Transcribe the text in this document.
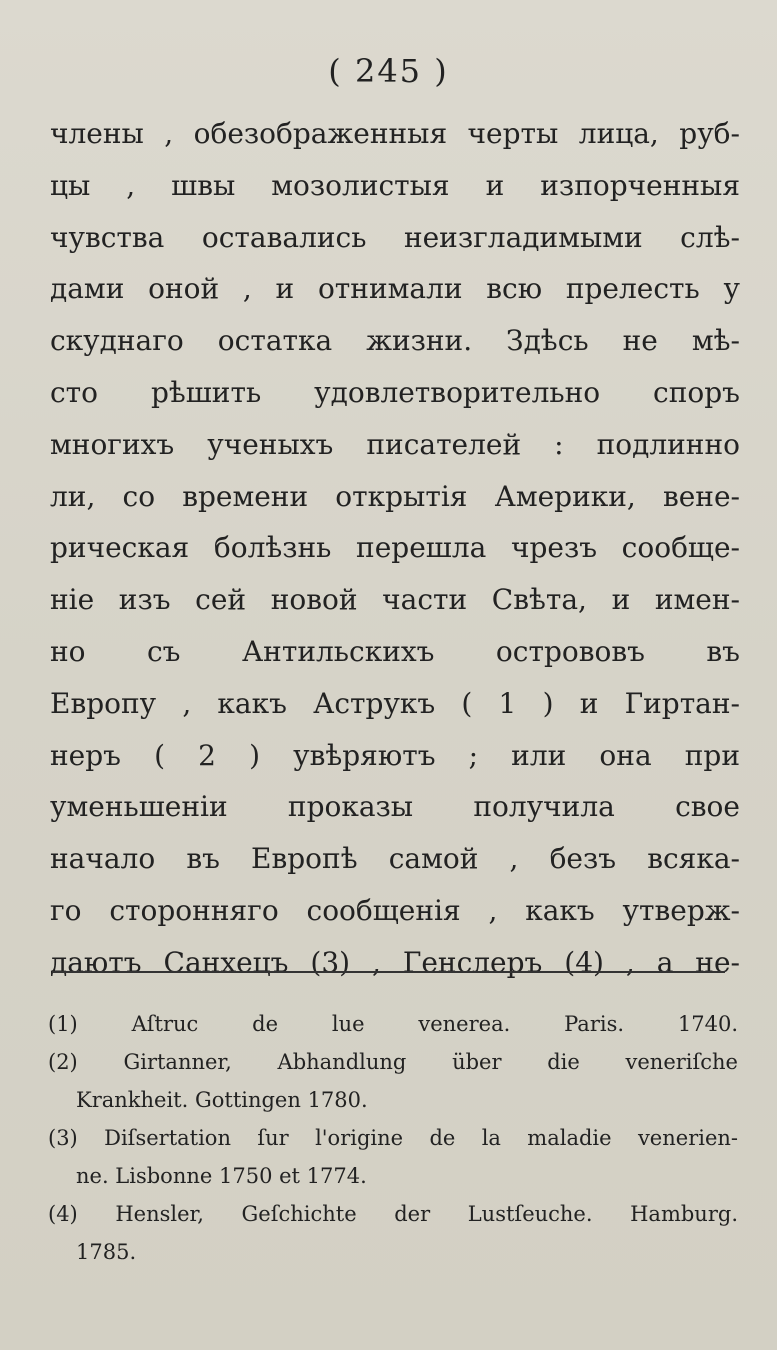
( 245 )
члены , обезображенныя черты лица, руб-
цы , швы мозолистыя и изпорченныя
чувства оставались неизгладимыми слѣ-
дами оной , и отнимали всю прелесть у
скуднаго остатка жизни. Здѣсь не мѣ-
сто рѣшить удовлетворительно споръ
многихъ ученыхъ писателей : подлинно
ли, со времени открытія Америки, вене-
рическая болѣзнь перешла чрезъ сообще-
ніе изъ сей новой части Свѣта, и имен-
но съ Антильскихъ острововъ въ
Европу , какъ Аструкъ ( 1 ) и Гиртан-
неръ ( 2 ) увѣряютъ ; или она при
уменьшеніи проказы получила свое
начало въ Европѣ самой , безъ всяка-
го сторонняго сообщенія , какъ утверж-
даютъ Санхецъ (3) , Генслеръ (4) , а не-
(1) Aſtruc de lue venerea. Paris. 1740.
(2) Girtanner, Abhandlung über die veneriſche
Krankheit. Gottingen 1780.
(3) Diſsertation ſur l'origine de la maladie venerien-
ne. Lisbonne 1750 et 1774.
(4) Hensler, Geſchichte der Lustſeuche. Hamburg.
1785.
